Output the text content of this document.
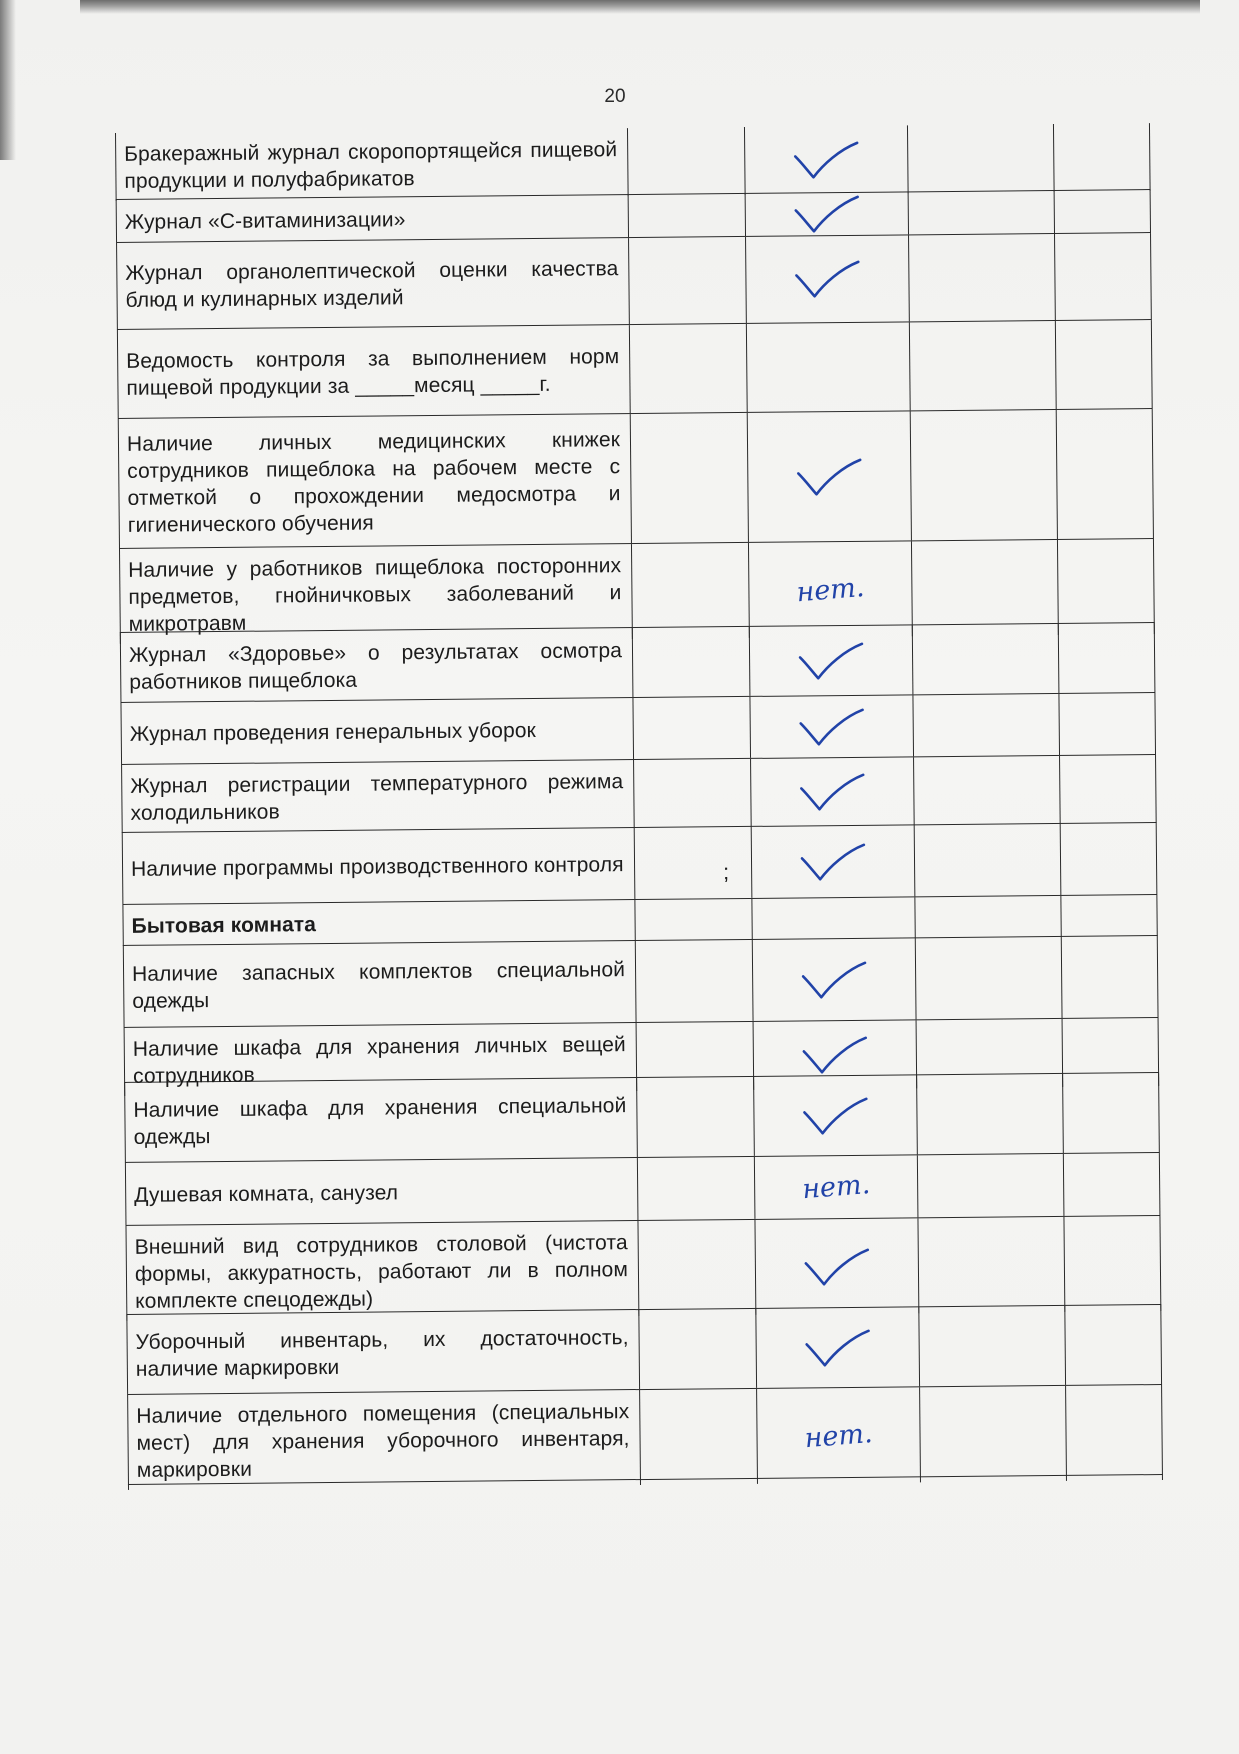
20
Бракеражный журнал скоропортящейся пищевой продукции и полуфабрикатов
Журнал «С-витаминизации»
Журнал органолептической оценки качества блюд и кулинарных изделий
Ведомость контроля за выполнением норм пищевой продукции за _____месяц _____г.
Наличие личных медицинских книжек сотрудников пищеблока на рабочем месте с отметкой о прохождении медосмотра и гигиенического обучения
Наличие у работников пищеблока посторонних предметов, гнойничковых заболеваний и микротравм
нет.
Журнал «Здоровье» о результатах осмотра работников пищеблока
Журнал проведения генеральных уборок
Журнал регистрации температурного режима холодильников
Наличие программы производственного контроля	;
Бытовая комната
Наличие запасных комплектов специальной одежды
Наличие шкафа для хранения личных вещей сотрудников
Наличие шкафа для хранения специальной одежды
Душевая комната, санузел	нет.
Внешний вид сотрудников столовой (чистота формы, аккуратность, работают ли в полном комплекте спецодежды)
Уборочный инвентарь, их достаточность, наличие маркировки
Наличие отдельного помещения (специальных мест) для хранения уборочного инвентаря, маркировки
нет.
